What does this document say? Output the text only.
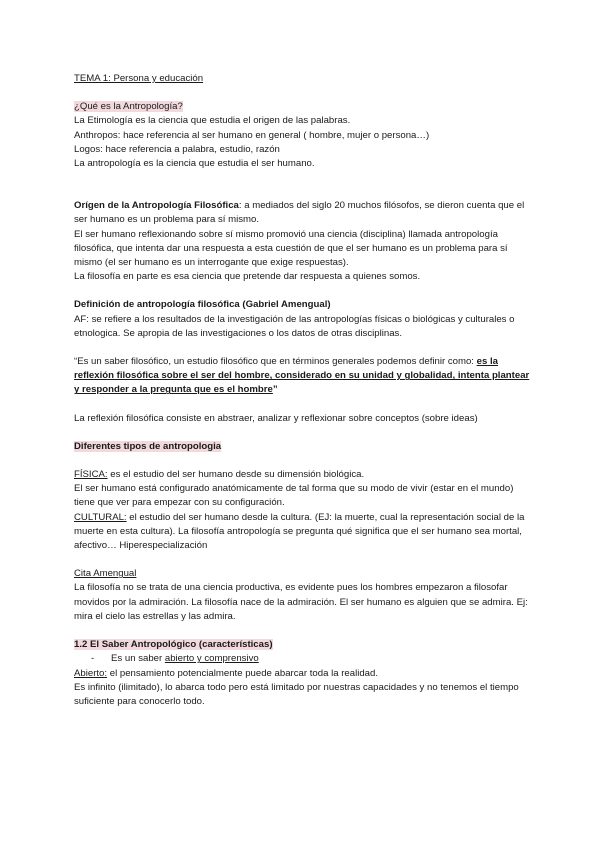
TEMA 1: Persona y educación

¿Qué es la Antropología?

La Etimología es la ciencia que estudia el origen de las palabras.

Anthropos: hace referencia al ser humano en general ( hombre, mujer o persona…)

Logos: hace referencia a palabra, estudio, razón

La antropología es la ciencia que estudia el ser humano.

Orígen de la Antropología Filosófica: a mediados del siglo 20 muchos filósofos, se dieron cuenta que el ser humano es un problema para sí mismo.

El ser humano reflexionando sobre sí mismo promovió una ciencia (disciplina) llamada antropología filosófica, que intenta dar una respuesta a esta cuestión de que el ser humano es un problema para sí mismo (el ser humano es un interrogante que exige respuestas).

La filosofía en parte es esa ciencia que pretende dar respuesta a quienes somos.

Definición de antropología filosófica (Gabriel Amengual)

AF: se refiere a los resultados de la investigación de las antropologías físicas o biológicas y culturales o etnologica. Se apropia de las investigaciones o los datos de otras disciplinas.

“Es un saber filosófico, un estudio filosófico que en términos generales podemos definir como: es la reflexión filosófica sobre el ser del hombre, considerado en su unidad y globalidad, intenta plantear y responder a la pregunta que es el hombre”

La reflexión filosófica consiste en abstraer, analizar y reflexionar sobre conceptos (sobre ideas)

Diferentes tipos de antropologia

FÍSICA: es el estudio del ser humano desde su dimensión biológica.

El ser humano está configurado anatómicamente de tal forma que su modo de vivir (estar en el mundo) tiene que ver para empezar con su configuración.

CULTURAL: el estudio del ser humano desde la cultura. (EJ: la muerte, cual la representación social de la muerte en esta cultura). La filosofía antropología se pregunta qué significa que el ser humano sea mortal, afectivo… Hiperespecialización

Cita Amengual

La filosofía no se trata de una ciencia productiva, es evidente pues los hombres empezaron a filosofar movidos por la admiración. La filosofía nace de la admiración. El ser humano es alguien que se admira. Ej: mira el cielo las estrellas y las admira.

1.2 El Saber Antropológico (características)

-	Es un saber abierto y comprensivo

Abierto: el pensamiento potencialmente puede abarcar toda la realidad.

Es infinito (ilimitado), lo abarca todo pero está limitado por nuestras capacidades y no tenemos el tiempo suficiente para conocerlo todo.
